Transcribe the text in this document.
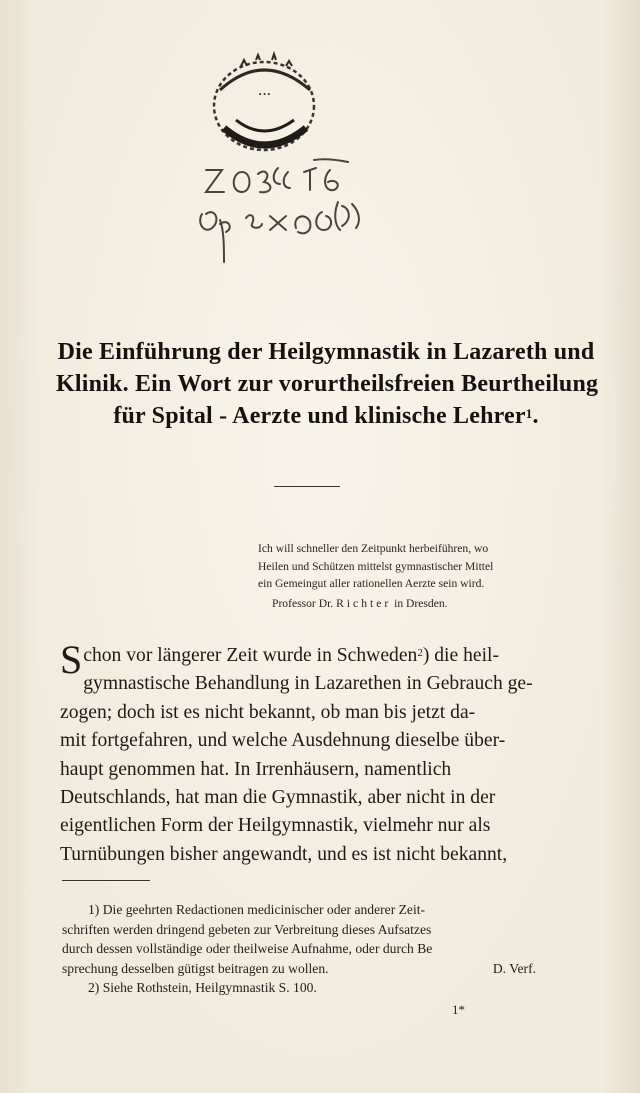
...
Die Einführung der Heilgymnastik in Lazareth und
Klinik. Ein Wort zur vorurtheilsfreien Beurtheilung
für Spital - Aerzte und klinische Lehrer$^1$.
Ich will schneller den Zeitpunkt herbeiführen, wo
Heilen und Schützen mittelst gymnastischer Mittel
ein Gemeingut aller rationellen Aerzte sein wird.
Professor Dr. Richter in Dresden.
Schon vor längerer Zeit wurde in Schweden$^2$) die heil-
gymnastische Behandlung in Lazarethen in Gebrauch ge-
zogen; doch ist es nicht bekannt, ob man bis jetzt da-
mit fortgefahren, und welche Ausdehnung dieselbe über-
haupt genommen hat. In Irrenhäusern, namentlich
Deutschlands, hat man die Gymnastik, aber nicht in der
eigentlichen Form der Heilgymnastik, vielmehr nur als
Turnübungen bisher angewandt, und es ist nicht bekannt,
1) Die geehrten Redactionen medicinischer oder anderer Zeit-
schriften werden dringend gebeten zur Verbreitung dieses Aufsatzes
durch dessen vollständige oder theilweise Aufnahme, oder durch Be
sprechung desselben gütigst beitragen zu wollen.	D. Verf.
2) Siehe Rothstein, Heilgymnastik S. 100.
1*
